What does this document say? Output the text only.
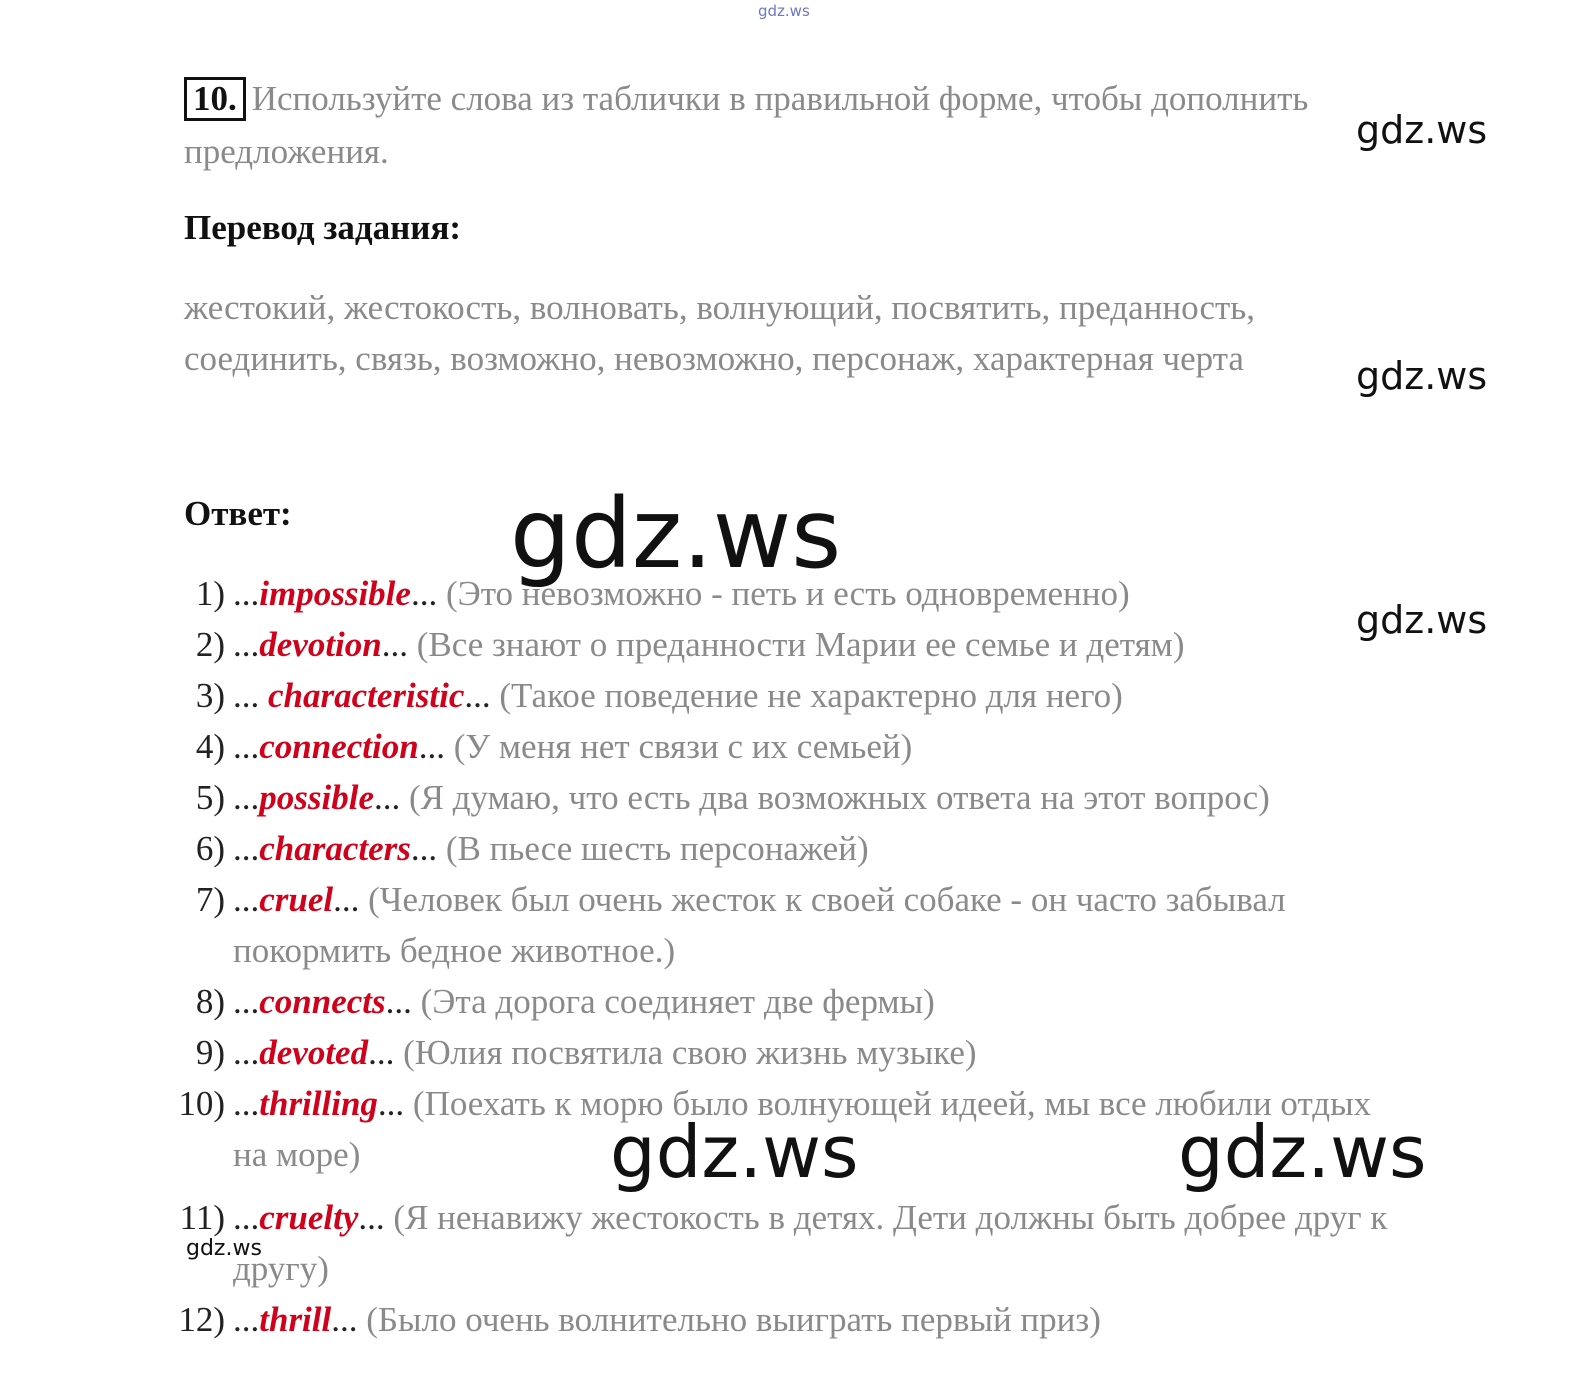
gdz.ws
gdz.ws
gdz.ws
gdz.ws
gdz.ws
gdz.ws	gdz.ws
gdz.ws
10. Используйте слова из таблички в правильной форме, чтобы дополнить предложения.
Перевод задания:
жестокий, жестокость, волновать, волнующий, посвятить, преданность, соединить, связь, возможно, невозможно, персонаж, характерная черта
Ответ:
1) ...impossible... (Это невозможно - петь и есть одновременно)
2) ...devotion... (Все знают о преданности Марии ее семье и детям)
3) ... characteristic... (Такое поведение не характерно для него)
4) ...connection... (У меня нет связи с их семьей)
5) ...possible... (Я думаю, что есть два возможных ответа на этот вопрос)
6) ...characters... (В пьесе шесть персонажей)
7) ...cruel... (Человек был очень жесток к своей собаке - он часто забывал покормить бедное животное.)
8) ...connects... (Эта дорога соединяет две фермы)
9) ...devoted... (Юлия посвятила свою жизнь музыке)
10) ...thrilling... (Поехать к морю было волнующей идеей, мы все любили отдых на море)
11) ...cruelty... (Я ненавижу жестокость в детях. Дети должны быть добрее друг к другу)
12) ...thrill... (Было очень волнительно выиграть первый приз)
